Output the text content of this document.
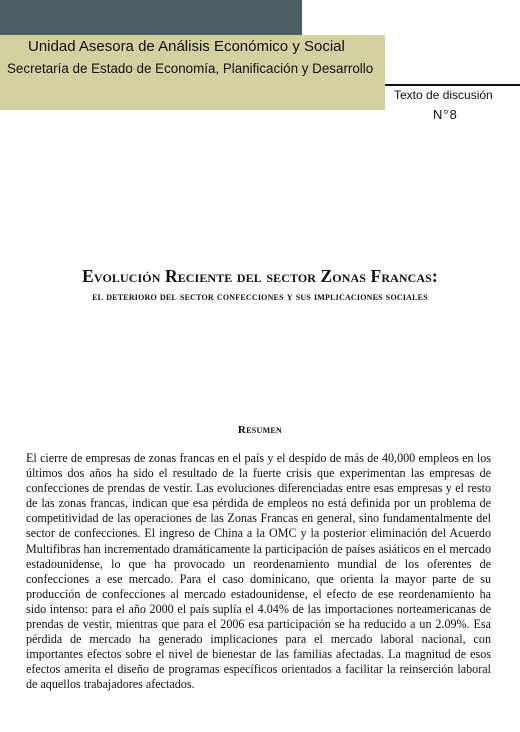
Unidad Asesora de Análisis Económico y Social
Secretaría de Estado de Economía, Planificación y Desarrollo
Texto de discusión
N°8
Evolución Reciente del sector Zonas Francas:
el deterioro del sector confecciones y sus implicaciones sociales
Resumen

El cierre de empresas de zonas francas en el país y el despido de más de 40,000 empleos en los últimos dos años ha sido el resultado de la fuerte crisis que experimentan las empresas de confecciones de prendas de vestir. Las evoluciones diferenciadas entre esas empresas y el resto de las zonas francas, indican que esa pérdida de empleos no está definida por un problema de competitividad de las operaciones de las Zonas Francas en general, sino fundamentalmente del sector de confecciones. El ingreso de China a la OMC y la posterior eliminación del Acuerdo Multifibras han incrementado dramáticamente la participación de países asiáticos en el mercado estadounidense, lo que ha provocado un reordenamiento mundial de los oferentes de confecciones a ese mercado. Para el caso dominicano, que orienta la mayor parte de su producción de confecciones al mercado estadounidense, el efecto de ese reordenamiento ha sido intenso: para el año 2000 el país suplía el 4.04% de las importaciones norteamericanas de prendas de vestir, mientras que para el 2006 esa participación se ha reducido a un 2.09%. Esa pérdida de mercado ha generado implicaciones para el mercado laboral nacional, con importantes efectos sobre el nivel de bienestar de las familias afectadas. La magnitud de esos efectos amerita el diseño de programas específicos orientados a facilitar la reinserción laboral de aquellos trabajadores afectados.
